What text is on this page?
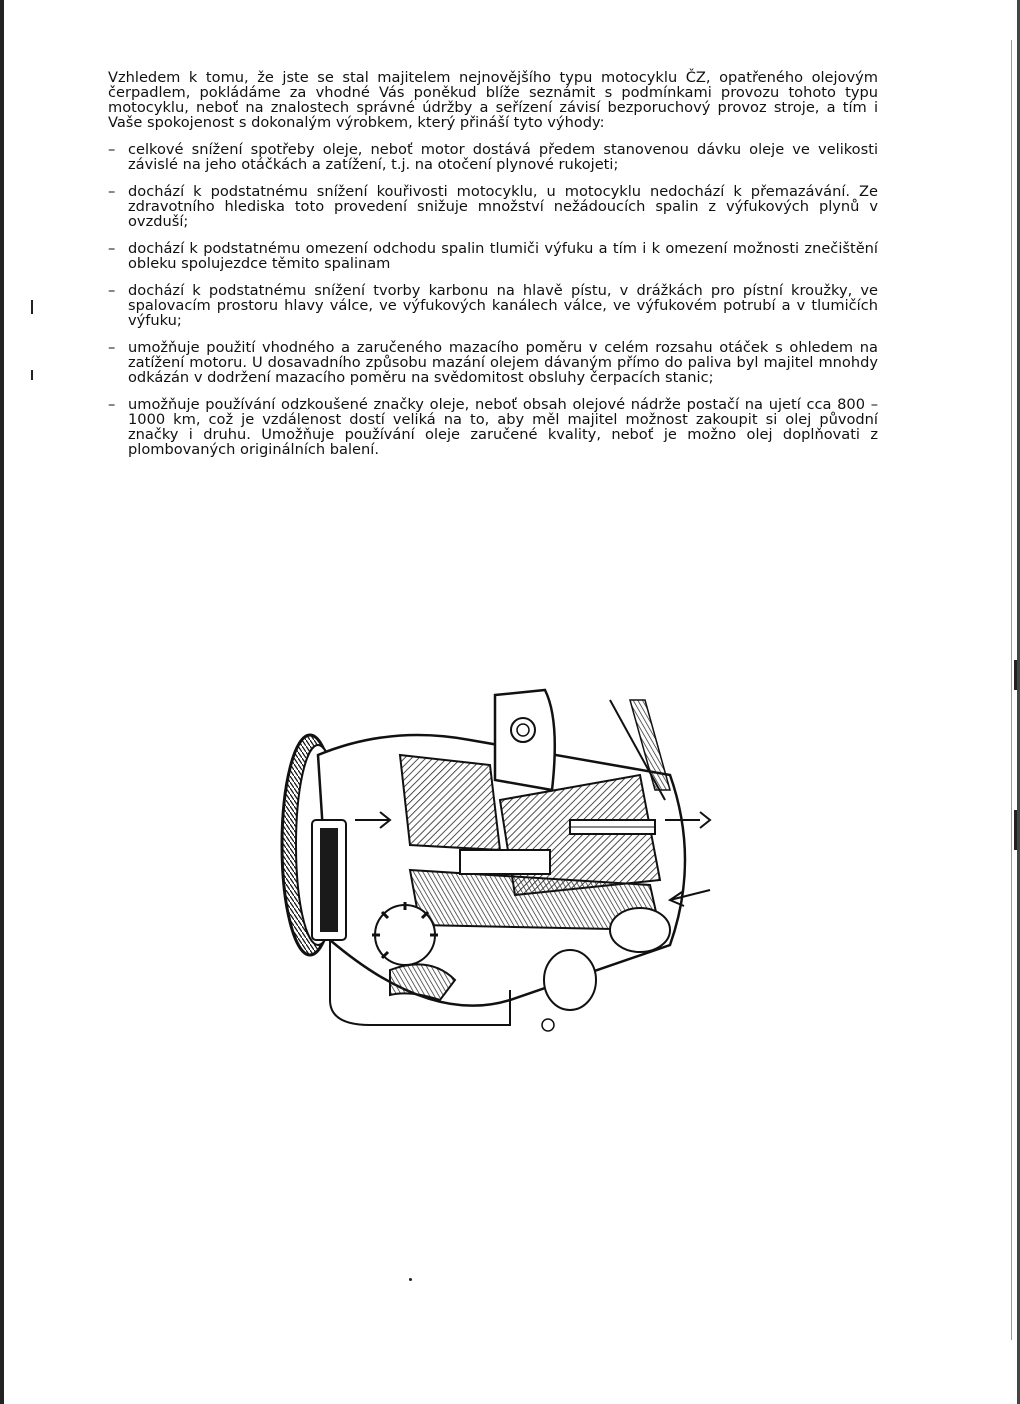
Vzhledem k tomu, že jste se stal majitelem nejnovějšího typu motocyklu ČZ, opatřeného olejovým čerpadlem, pokládáme za vhodné Vás poněkud blíže seznámit s podmínkami provozu tohoto typu motocyklu, neboť na znalostech správné údržby a seřízení závisí bezporuchový provoz stroje, a tím i Vaše spokojenost s dokonalým výrobkem, který přináší tyto výhody:

– celkové snížení spotřeby oleje, neboť motor dostává předem stanovenou dávku oleje ve velikosti závislé na jeho otáčkách a zatížení, t.j. na otočení plynové rukojeti;
– dochází k podstatnému snížení kouřivosti motocyklu, u motocyklu nedochází k přemazávání. Ze zdravotního hlediska toto provedení snižuje množství nežádoucích spalin z výfukových plynů v ovzduší;
– dochází k podstatnému omezení odchodu spalin tlumiči výfuku a tím i k omezení možnosti znečištění obleku spolujezdce těmito spalinam
– dochází k podstatnému snížení tvorby karbonu na hlavě pístu, v drážkách pro pístní kroužky, ve spalovacím prostoru hlavy válce, ve výfukových kanálech válce, ve výfukovém potrubí a v tlumičích výfuku;
– umožňuje použití vhodného a zaručeného mazacího poměru v celém rozsahu otáček s ohledem na zatížení motoru. U dosavadního způsobu mazání olejem dávaným přímo do paliva byl majitel mnohdy odkázán v dodržení mazacího poměru na svědomitost obsluhy čerpacích stanic;
– umožňuje používání odzkoušené značky oleje, neboť obsah olejové nádrže postačí na ujetí cca 800 – 1000 km, což je vzdálenost dostí veliká na to, aby měl majitel možnost zakoupit si olej původní značky i druhu. Umožňuje používání oleje zaručené kvality, neboť je možno olej doplňovati z plombovaných originálních balení.
